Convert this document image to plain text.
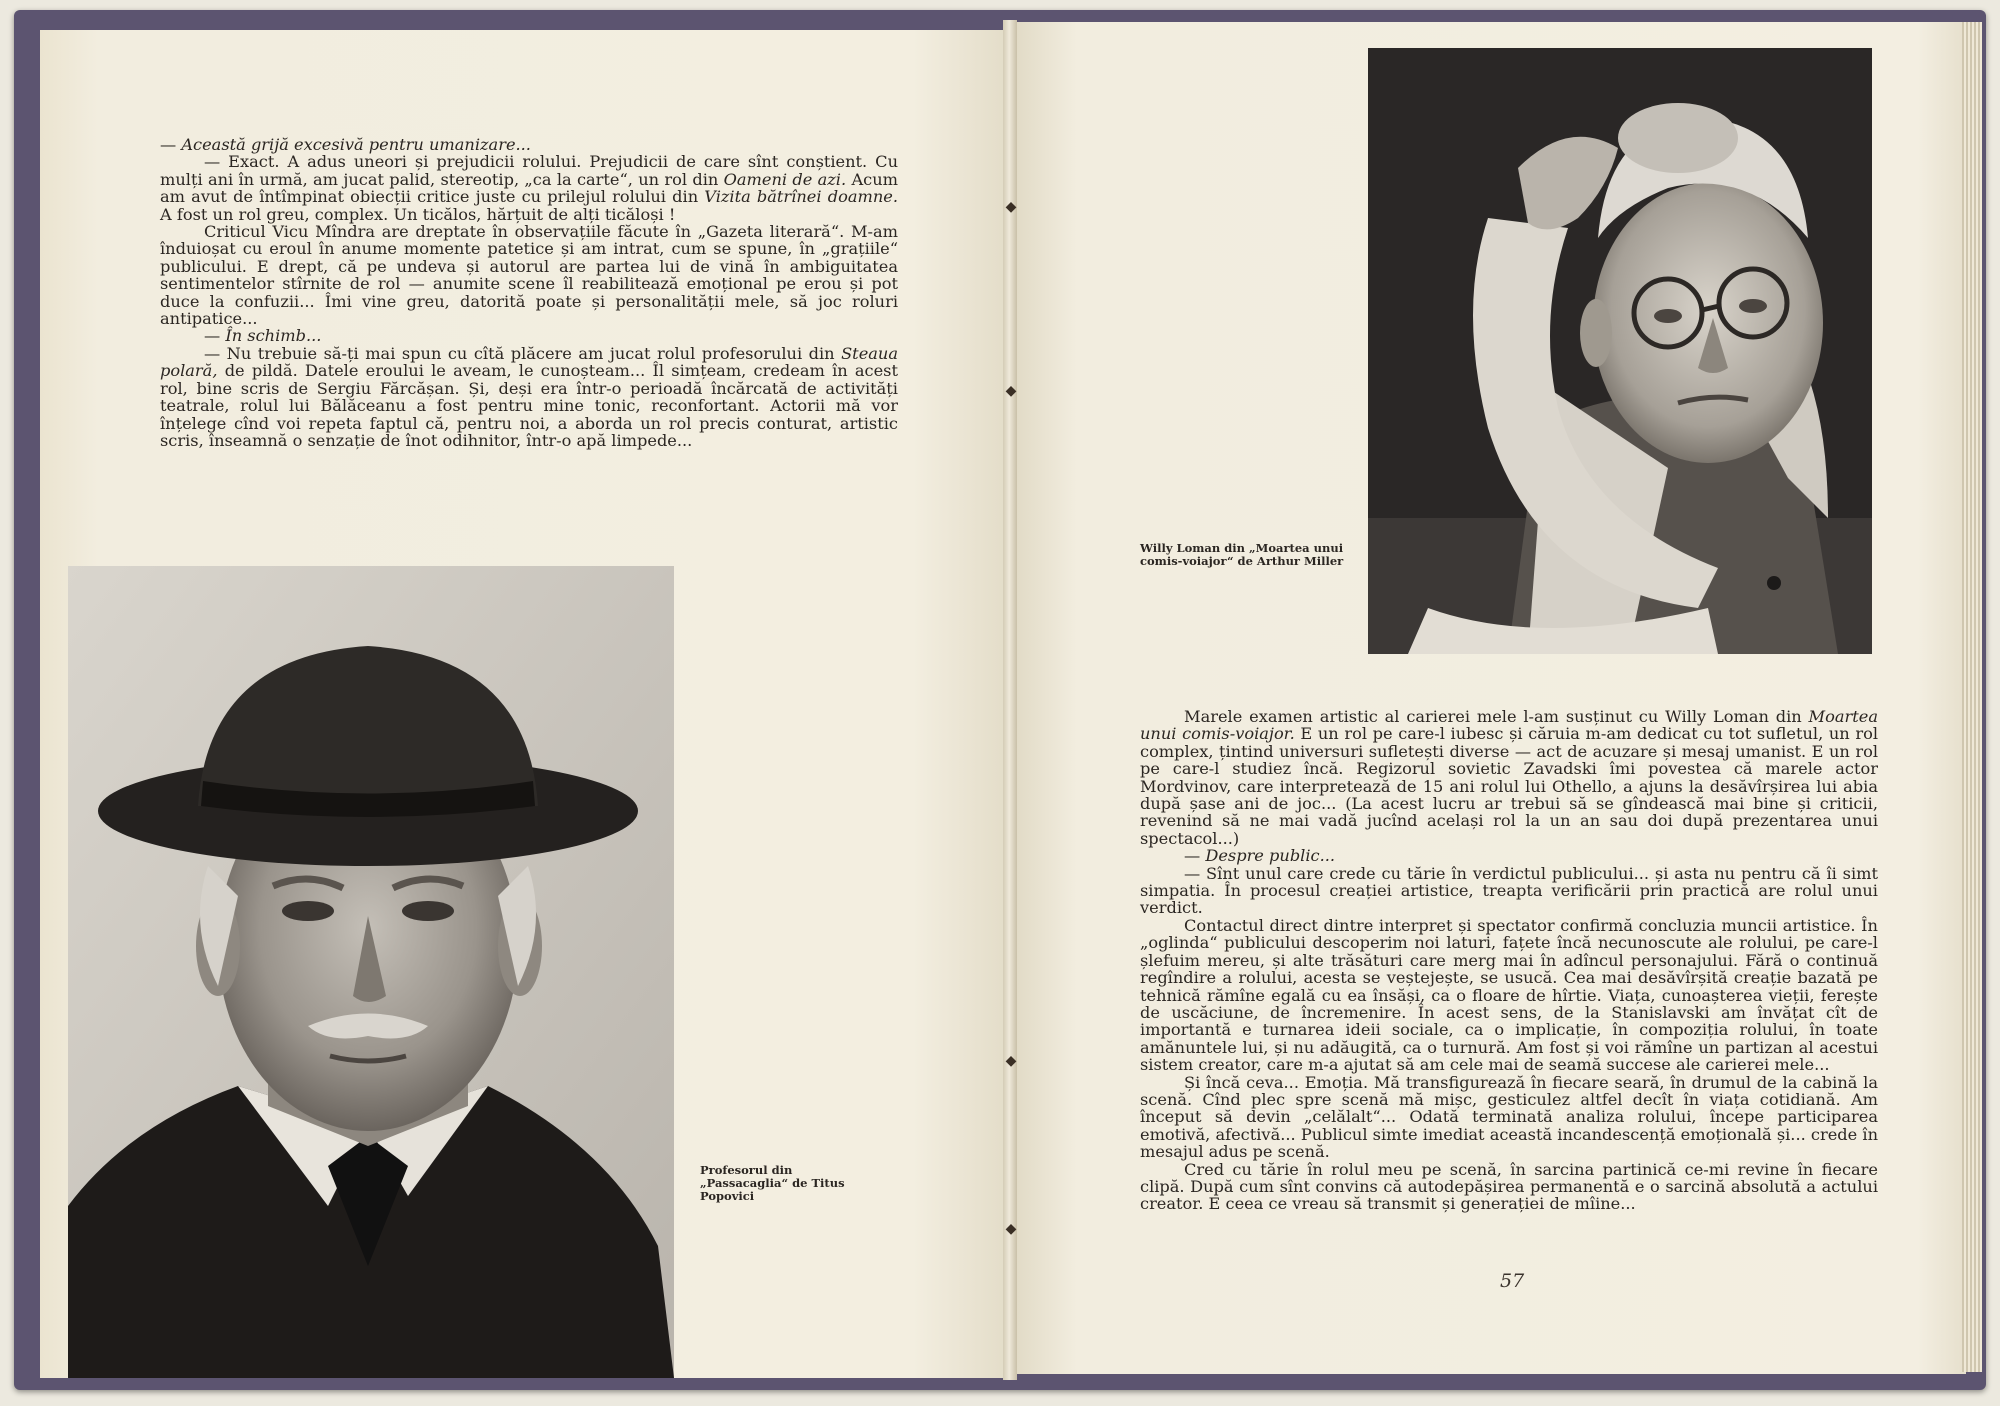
◆
◆
◆
◆

— Această grijă excesivă pentru umanizare...

— Exact. A adus uneori și prejudicii rolului. Prejudicii de care sînt conștient. Cu mulți ani în urmă, am jucat palid, stereotip, „ca la carte“, un rol din Oameni de azi. Acum am avut de întîmpinat obiecții critice juste cu prilejul rolului din Vizita bătrînei doamne. A fost un rol greu, complex. Un ticălos, hărțuit de alți ticăloși !

Criticul Vicu Mîndra are dreptate în observațiile făcute în „Gazeta literară“. M-am înduioșat cu eroul în anume momente patetice și am intrat, cum se spune, în „grațiile“ publicului. E drept, că pe undeva și autorul are partea lui de vină în ambiguitatea sentimentelor stîrnite de rol — anumite scene îl reabilitează emoțional pe erou și pot duce la confuzii... Îmi vine greu, datorită poate și personalității mele, să joc roluri antipatice...

— În schimb...

— Nu trebuie să-ți mai spun cu cîtă plăcere am jucat rolul profesorului din Steaua polară, de pildă. Datele eroului le aveam, le cunoșteam... Îl simțeam, credeam în acest rol, bine scris de Sergiu Fărcășan. Și, deși era într-o perioadă încărcată de activități teatrale, rolul lui Bălăceanu a fost pentru mine tonic, reconfortant. Actorii mă vor înțelege cînd voi repeta faptul că, pentru noi, a aborda un rol precis conturat, artistic scris, înseamnă o senzație de înot odihnitor, într-o apă limpede...

Profesorul din „Passacaglia“ de Titus Popovici
Willy Loman din „Moartea unui comis-voiajor“ de Arthur Miller

Marele examen artistic al carierei mele l-am susținut cu Willy Loman din Moartea unui comis-voiajor. E un rol pe care-l iubesc și căruia m-am dedicat cu tot sufletul, un rol complex, țintind universuri sufletești diverse — act de acuzare și mesaj umanist. E un rol pe care-l studiez încă. Regizorul sovietic Zavadski îmi povestea că marele actor Mordvinov, care interpretează de 15 ani rolul lui Othello, a ajuns la desăvîrșirea lui abia după șase ani de joc... (La acest lucru ar trebui să se gîndească mai bine și criticii, revenind să ne mai vadă jucînd același rol la un an sau doi după prezentarea unui spectacol...)

— Despre public...

— Sînt unul care crede cu tărie în verdictul publicului... și asta nu pentru că îi simt simpatia. În procesul creației artistice, treapta verificării prin practică are rolul unui verdict.

Contactul direct dintre interpret și spectator confirmă concluzia muncii artistice. În „oglinda“ publicului descoperim noi laturi, fațete încă necunoscute ale rolului, pe care-l șlefuim mereu, și alte trăsături care merg mai în adîncul personajului. Fără o continuă regîndire a rolului, acesta se veștejește, se usucă. Cea mai desăvîrșită creație bazată pe tehnică rămîne egală cu ea însăși, ca o floare de hîrtie. Viața, cunoașterea vieții, ferește de uscăciune, de încremenire. În acest sens, de la Stanislavski am învățat cît de importantă e turnarea ideii sociale, ca o implicație, în compoziția rolului, în toate amănuntele lui, și nu adăugită, ca o turnură. Am fost și voi rămîne un partizan al acestui sistem creator, care m-a ajutat să am cele mai de seamă succese ale carierei mele...

Și încă ceva... Emoția. Mă transfigurează în fiecare seară, în drumul de la cabină la scenă. Cînd plec spre scenă mă mișc, gesticulez altfel decît în viața cotidiană. Am început să devin „celălalt“... Odată terminată analiza rolului, începe participarea emotivă, afectivă... Publicul simte imediat această incandescență emoțională și... crede în mesajul adus pe scenă.

Cred cu tărie în rolul meu pe scenă, în sarcina partinică ce-mi revine în fiecare clipă. După cum sînt convins că autodepășirea permanentă e o sarcină absolută a actului creator. E ceea ce vreau să transmit și generației de mîine...

57
